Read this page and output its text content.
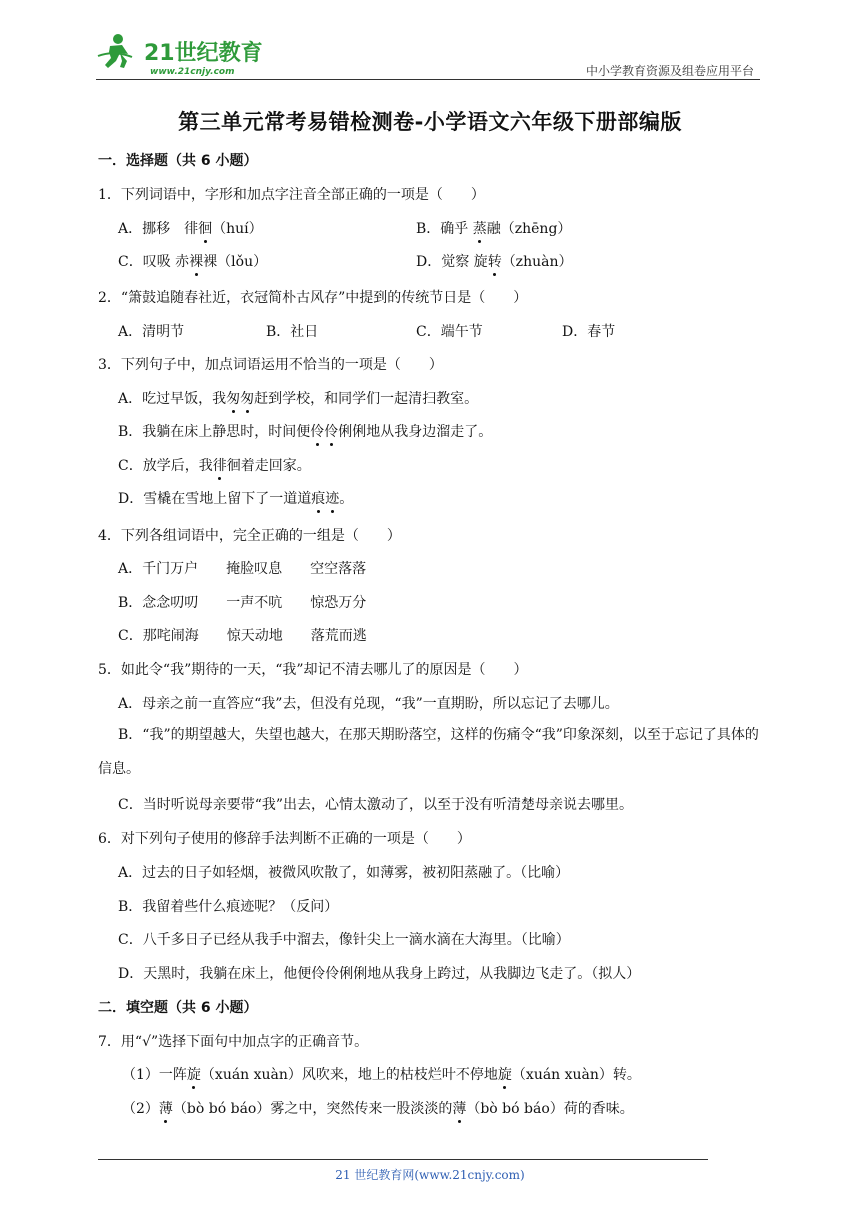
21世纪教育
www.21cnjy.com	中小学教育资源及组卷应用平台
第三单元常考易错检测卷-小学语文六年级下册部编版
一．选择题（共 6 小题）
1．下列词语中，字形和加点字注音全部正确的一项是（　　）
A．挪移　徘徊（huí）	B．确乎 蒸融（zhēng）
C．叹吸 赤裸裸（lǒu）	D．觉察 旋转（zhuàn）
2．“箫鼓追随春社近，衣冠简朴古风存”中提到的传统节日是（　　）
A．清明节	B．社日	C．端午节	D．春节
3．下列句子中，加点词语运用不恰当的一项是（　　）
A．吃过早饭，我匆匆赶到学校，和同学们一起清扫教室。
B．我躺在床上静思时，时间便伶伶俐俐地从我身边溜走了。
C．放学后，我徘徊着走回家。
D．雪橇在雪地上留下了一道道痕迹。
4．下列各组词语中，完全正确的一组是（　　）
A．千门万户　　掩脸叹息　　空空落落
B．念念叨叨　　一声不吭　　惊恐万分
C．那咤闹海　　惊天动地　　落荒而逃
5．如此令“我”期待的一天，“我”却记不清去哪儿了的原因是（　　）
A．母亲之前一直答应“我”去，但没有兑现，“我”一直期盼，所以忘记了去哪儿。
B．“我”的期望越大，失望也越大，在那天期盼落空，这样的伤痛令“我”印象深刻，以至于忘记了具体的信息。
C．当时听说母亲要带“我”出去，心情太激动了，以至于没有听清楚母亲说去哪里。
6．对下列句子使用的修辞手法判断不正确的一项是（　　）
A．过去的日子如轻烟，被微风吹散了，如薄雾，被初阳蒸融了。（比喻）
B．我留着些什么痕迹呢？（反问）
C．八千多日子已经从我手中溜去，像针尖上一滴水滴在大海里。（比喻）
D．天黑时，我躺在床上，他便伶伶俐俐地从我身上跨过，从我脚边飞走了。（拟人）
二．填空题（共 6 小题）
7．用“√”选择下面句中加点字的正确音节。
（1）一阵旋（xuán xuàn）风吹来，地上的枯枝烂叶不停地旋（xuán xuàn）转。
（2）薄（bò bó báo）雾之中，突然传来一股淡淡的薄（bò bó báo）荷的香味。
21 世纪教育网(www.21cnjy.com)
